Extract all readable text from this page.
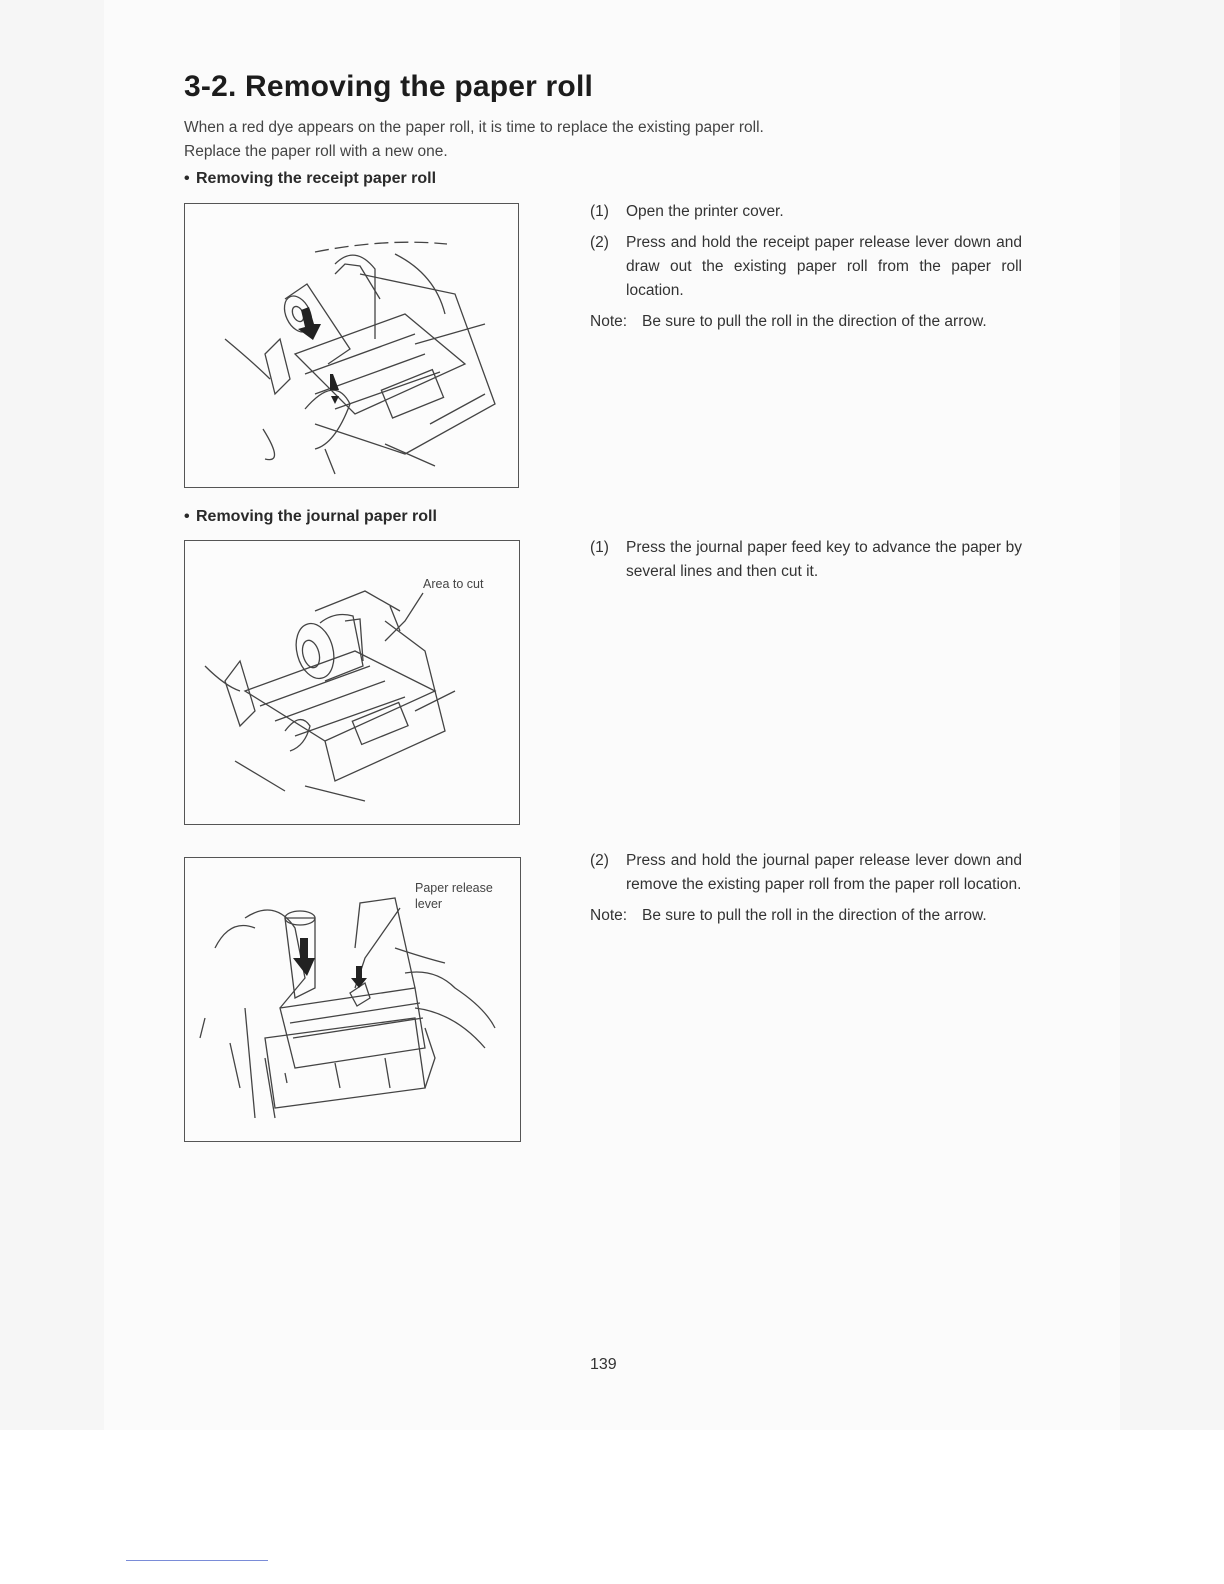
3-2. Removing the paper roll

When a red dye appears on the paper roll, it is time to replace the existing paper roll.

Replace the paper roll with a new one.

• Removing the receipt paper roll
(1) Open the printer cover.
(2) Press and hold the receipt paper release lever down and draw out the existing paper roll from the paper roll location.
Note: Be sure to pull the roll in the direction of the arrow.
• Removing the journal paper roll
Area to cut
(1) Press the journal paper feed key to advance the paper by several lines and then cut it.
Paper release lever
(2) Press and hold the journal paper release lever down and remove the existing paper roll from the paper roll location.
Note: Be sure to pull the roll in the direction of the arrow.
139
